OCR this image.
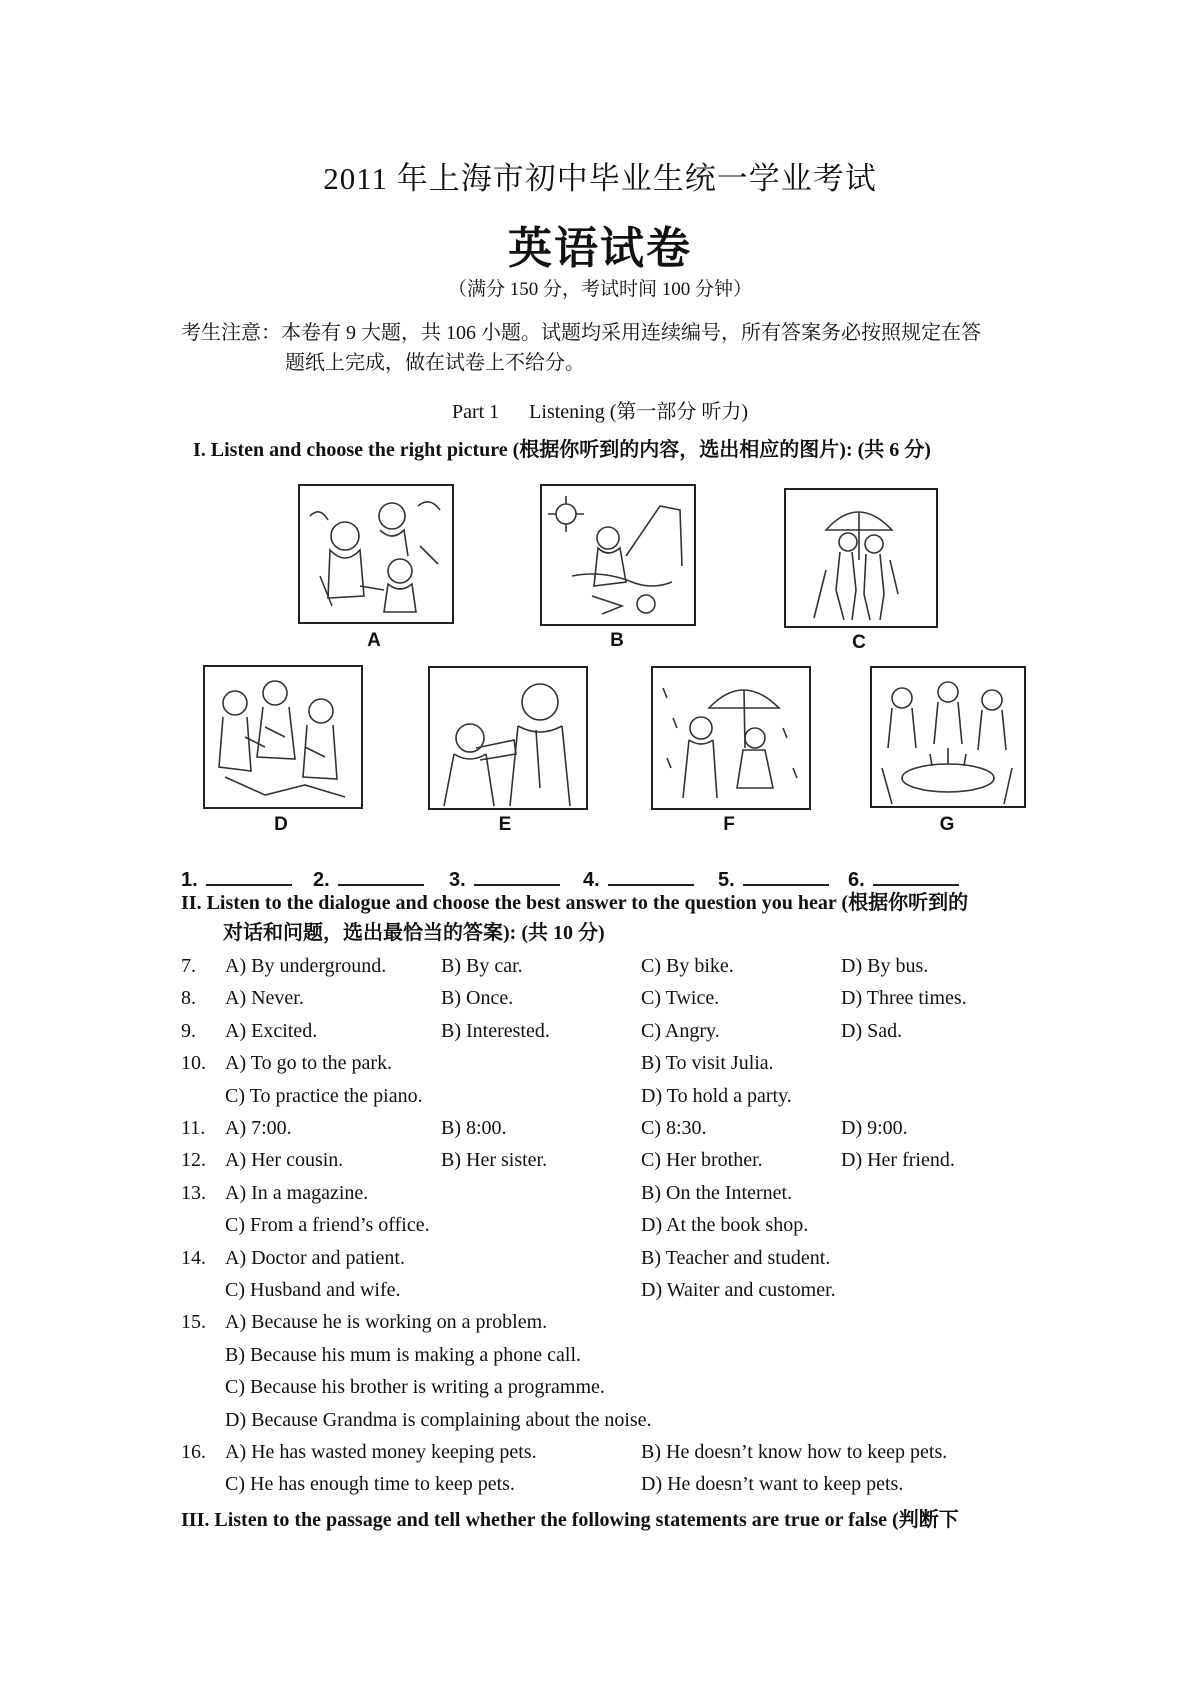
2011 年上海市初中毕业生统一学业考试
英语试卷
（满分 150 分，考试时间 100 分钟）
考生注意：本卷有 9 大题，共 106 小题。试题均采用连续编号，所有答案务必按照规定在答
题纸上完成，做在试卷上不给分。
Part 1 Listening (第一部分 听力)
I. Listen and choose the right picture (根据你听到的内容，选出相应的图片): (共 6 分)
A	B	C
D	E	F	G
1.	2.	3.	4.	5.	6.
II. Listen to the dialogue and choose the best answer to the question you hear (根据你听到的
对话和问题，选出最恰当的答案): (共 10 分)
7. A) By underground.	B) By car.	C) By bike.	D) By bus.
8. A) Never.	B) Once.	C) Twice.	D) Three times.
9. A) Excited.	B) Interested.	C) Angry.	D) Sad.
10. A) To go to the park.	B) To visit Julia.
C) To practice the piano.	D) To hold a party.
11. A) 7:00.	B) 8:00.	C) 8:30.	D) 9:00.
12. A) Her cousin.	B) Her sister.	C) Her brother.	D) Her friend.
13. A) In a magazine.	B) On the Internet.
C) From a friend’s office.	D) At the book shop.
14. A) Doctor and patient.	B) Teacher and student.
C) Husband and wife.	D) Waiter and customer.
15. A) Because he is working on a problem.
B) Because his mum is making a phone call.
C) Because his brother is writing a programme.
D) Because Grandma is complaining about the noise.
16. A) He has wasted money keeping pets.	B) He doesn’t know how to keep pets.
C) He has enough time to keep pets.	D) He doesn’t want to keep pets.
III. Listen to the passage and tell whether the following statements are true or false (判断下
